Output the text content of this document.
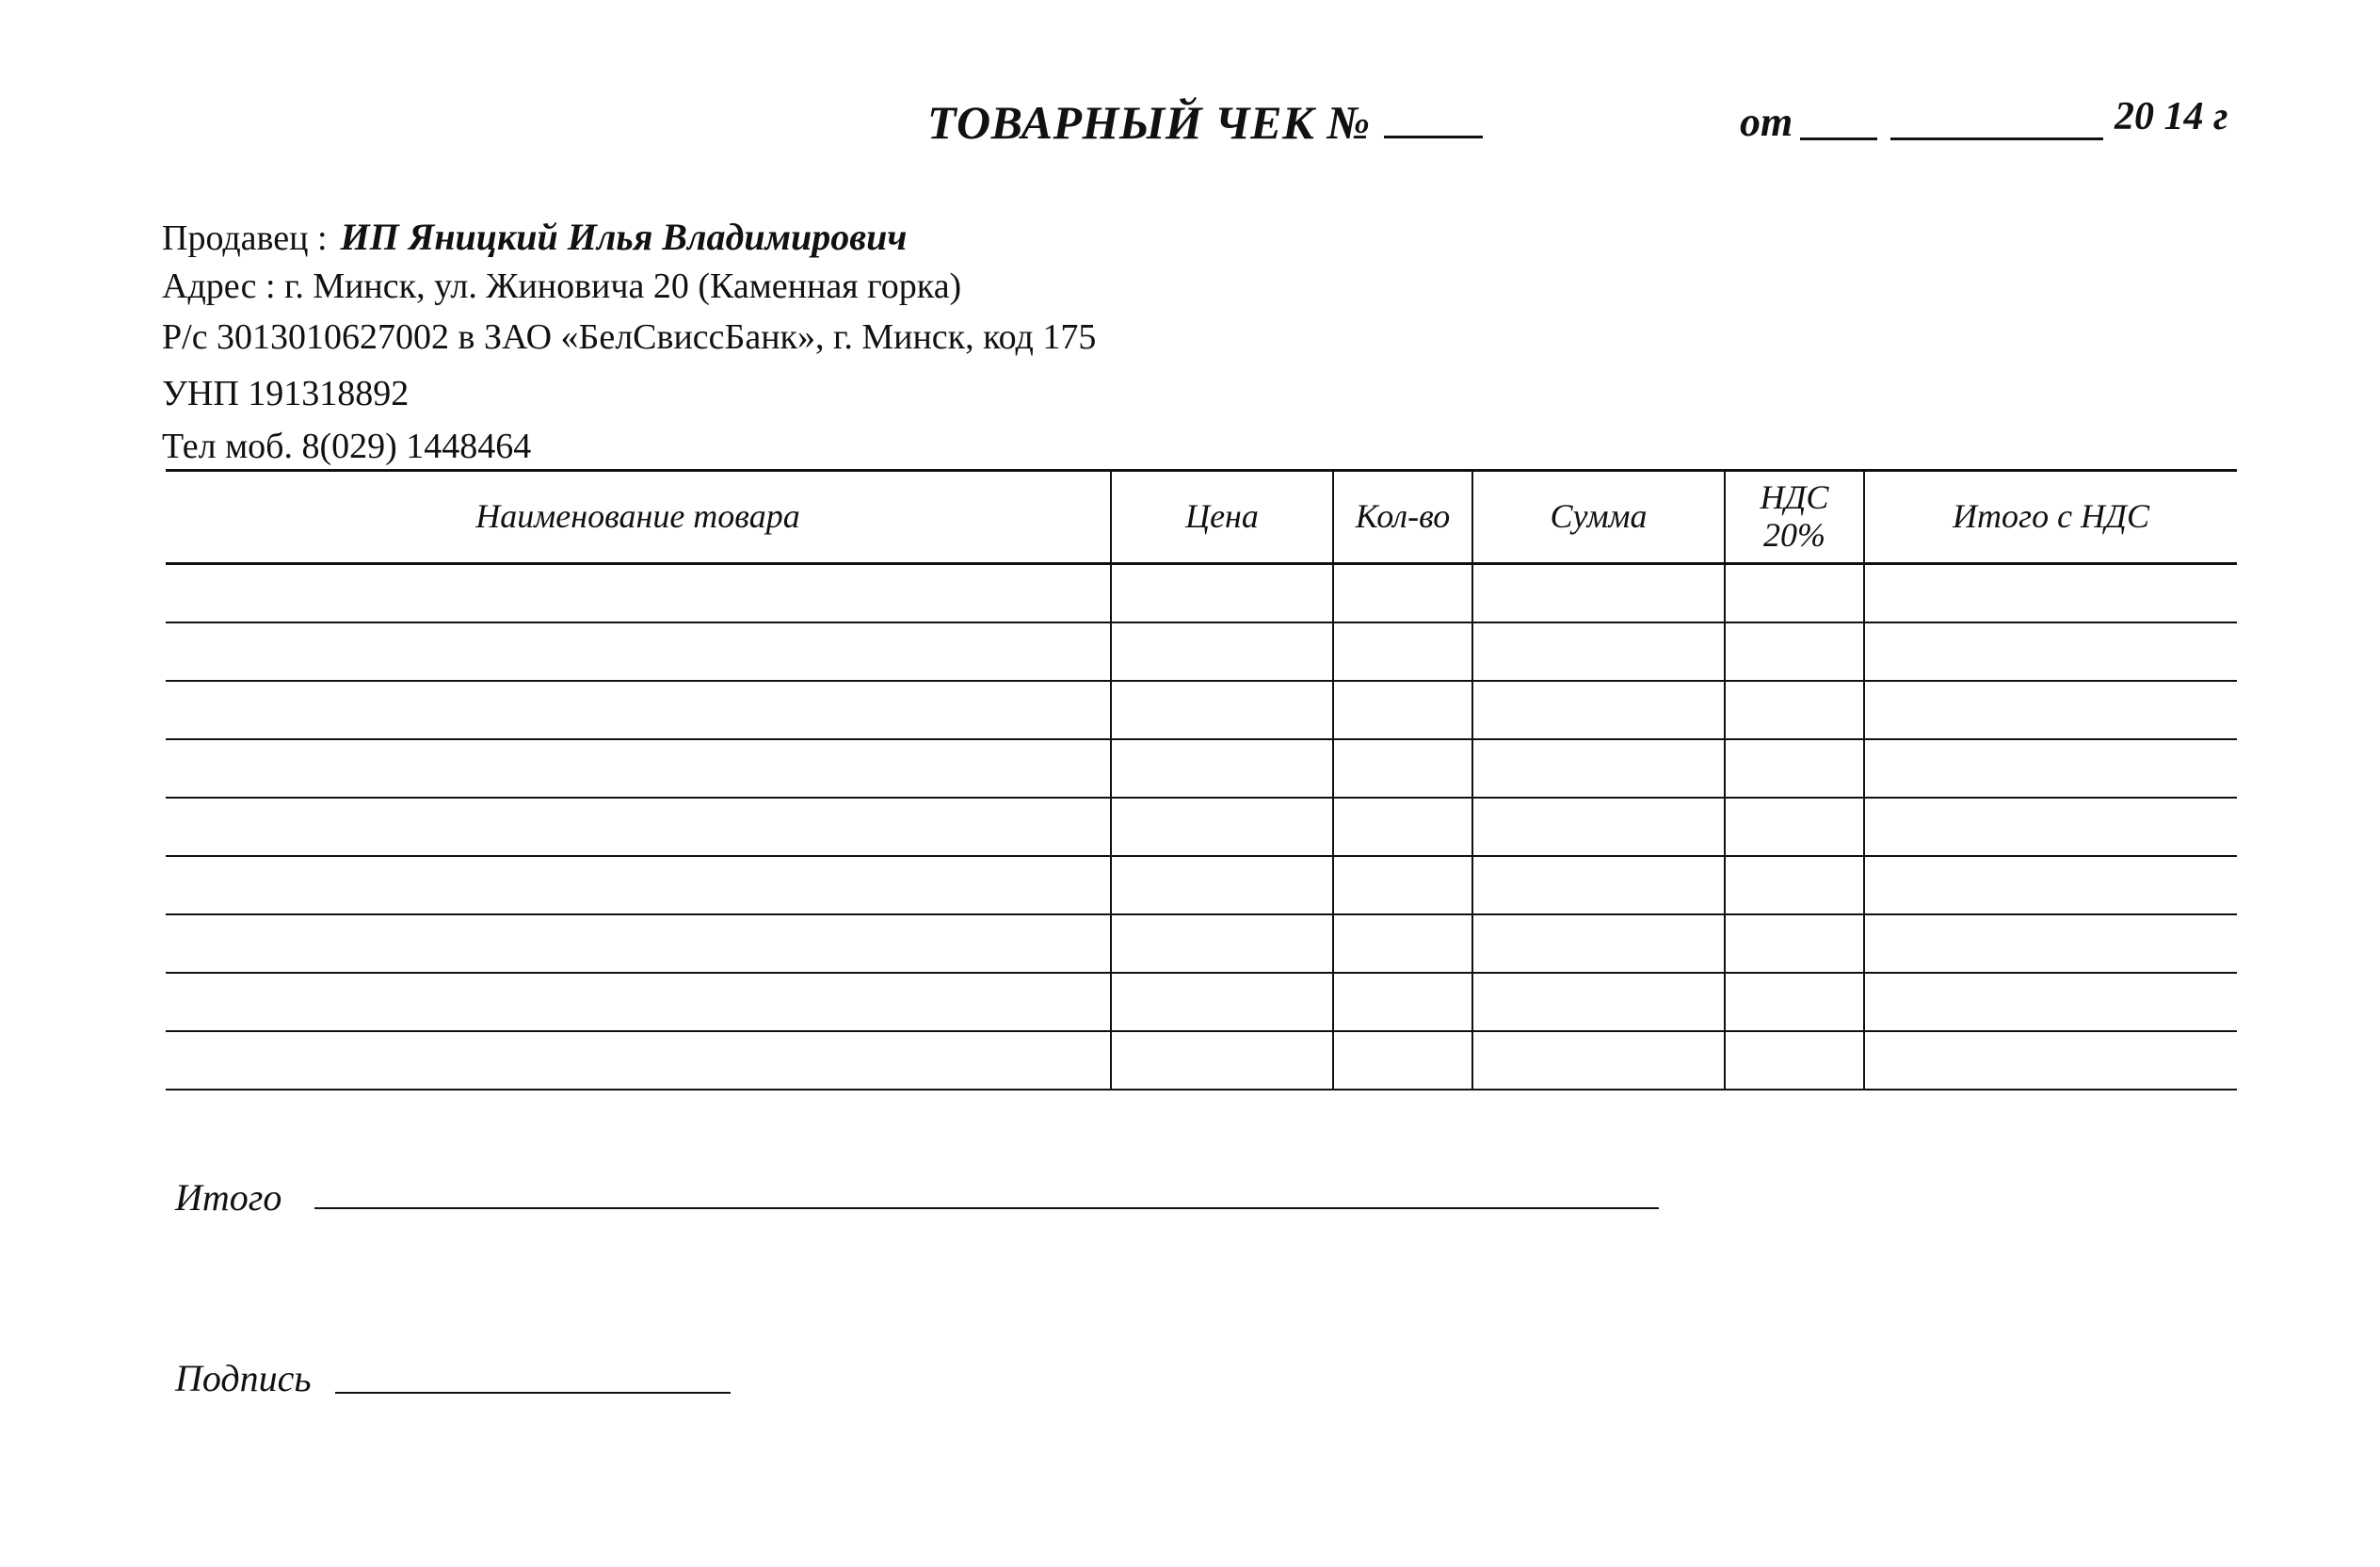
ТОВАРНЫЙ ЧЕК №	от	20 14 г
Продавец : ИП Яницкий Илья Владимирович
Адрес : г. Минск, ул. Жиновича 20 (Каменная горка)
Р/с 3013010627002 в ЗАО «БелСвиссБанк», г. Минск, код 175
УНП 191318892
Тел моб. 8(029) 1448464
Наименование товара	Цена	Кол-во	Сумма	НДС 20%	Итого с НДС

Итого
Подпись
